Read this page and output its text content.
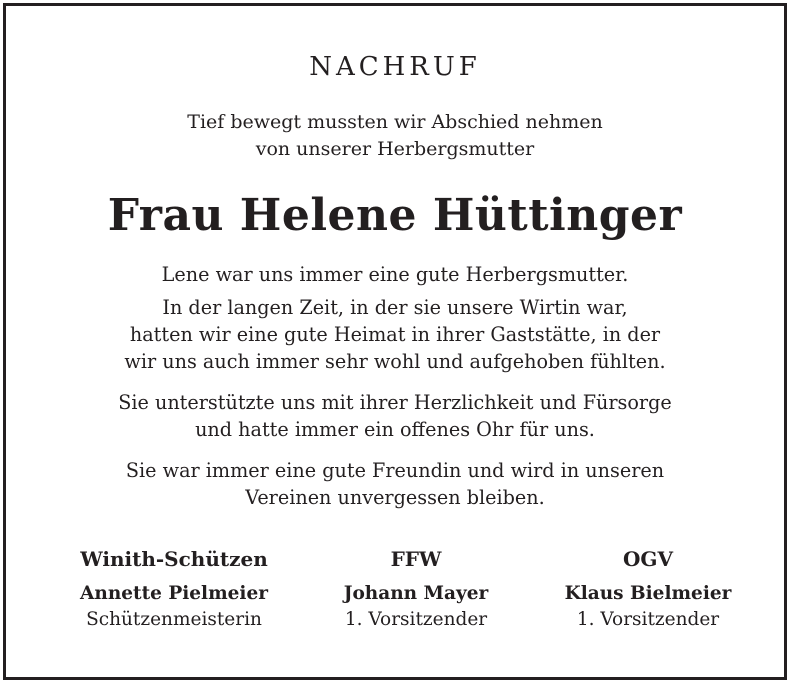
NACHRUF
Tief bewegt mussten wir Abschied nehmen
von unserer Herbergsmutter
Frau Helene Hüttinger
Lene war uns immer eine gute Herbergsmutter.
In der langen Zeit, in der sie unsere Wirtin war,
hatten wir eine gute Heimat in ihrer Gaststätte, in der
wir uns auch immer sehr wohl und aufgehoben fühlten.
Sie unterstützte uns mit ihrer Herzlichkeit und Fürsorge
und hatte immer ein offenes Ohr für uns.
Sie war immer eine gute Freundin und wird in unseren
Vereinen unvergessen bleiben.
Winith-Schützen	FFW	OGV
Annette Pielmeier	Johann Mayer	Klaus Bielmeier
Schützenmeisterin	1. Vorsitzender	1. Vorsitzender
